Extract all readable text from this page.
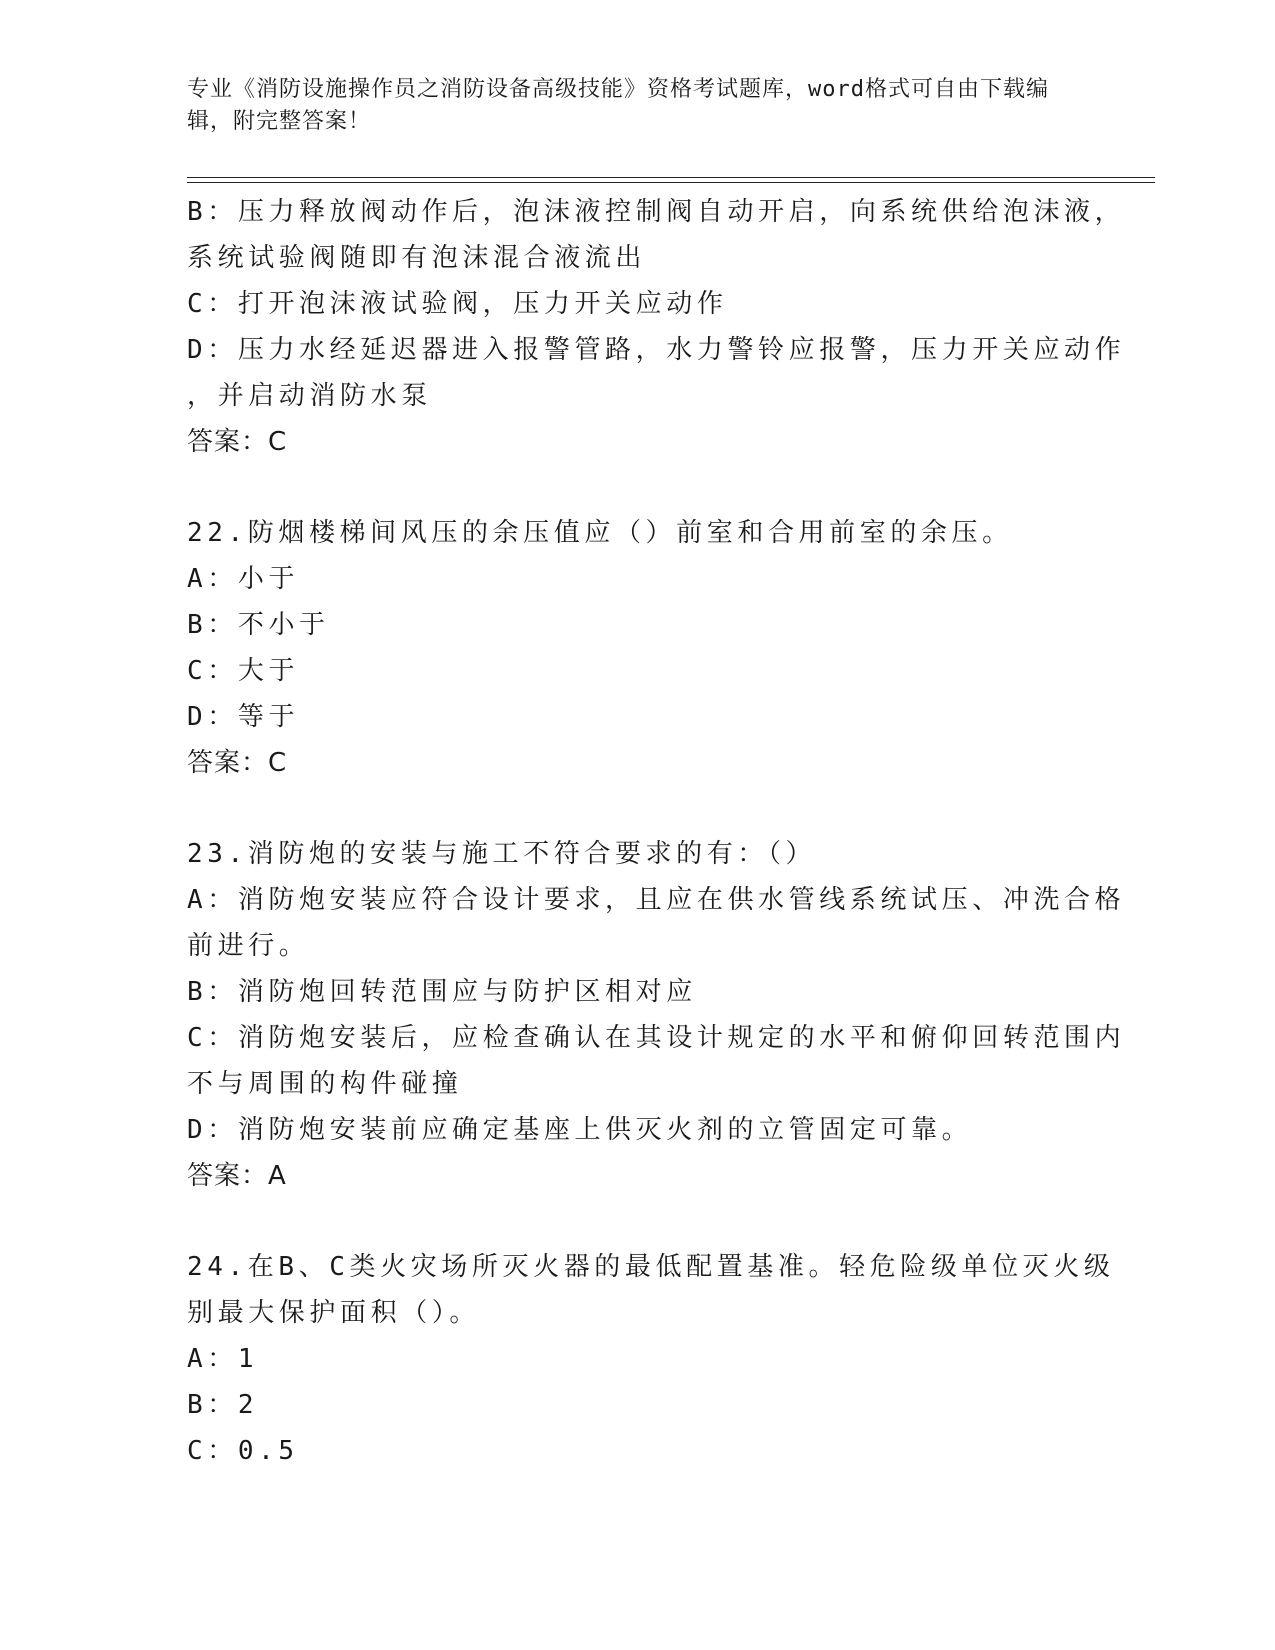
专业《消防设施操作员之消防设备高级技能》资格考试题库，word格式可自由下载编辑，附完整答案！
B：压力释放阀动作后，泡沫液控制阀自动开启，向系统供给泡沫液，
系统试验阀随即有泡沫混合液流出
C：打开泡沫液试验阀，压力开关应动作
D：压力水经延迟器进入报警管路，水力警铃应报警，压力开关应动作
，并启动消防水泵
答案：C
22.防烟楼梯间风压的余压值应（）前室和合用前室的余压。
A：小于
B：不小于
C：大于
D：等于
答案：C
23.消防炮的安装与施工不符合要求的有：（）
A：消防炮安装应符合设计要求，且应在供水管线系统试压、冲洗合格
前进行。
B：消防炮回转范围应与防护区相对应
C：消防炮安装后，应检查确认在其设计规定的水平和俯仰回转范围内
不与周围的构件碰撞
D：消防炮安装前应确定基座上供灭火剂的立管固定可靠。
答案：A
24.在B、C类火灾场所灭火器的最低配置基准。轻危险级单位灭火级
别最大保护面积（）。
A：1
B：2
C：0.5
